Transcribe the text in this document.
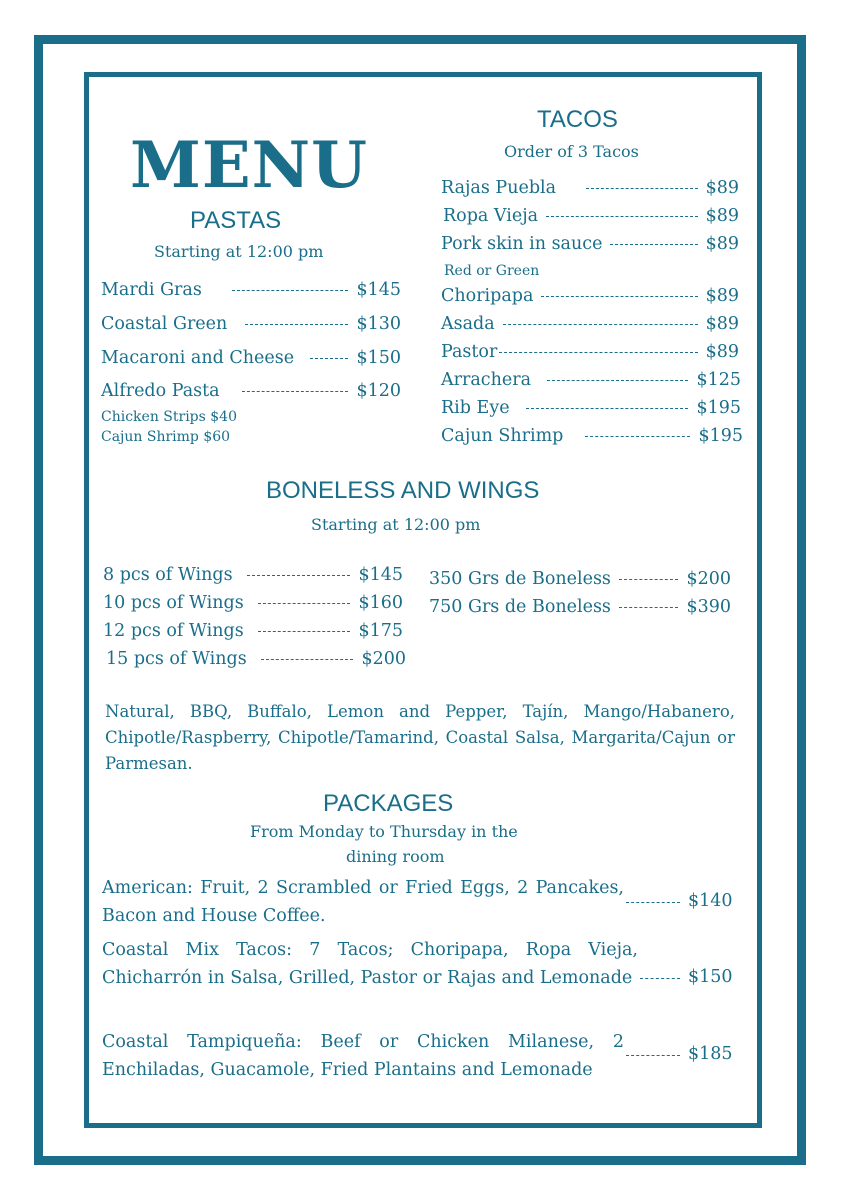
MENU
TACOS
Order of 3 Tacos
Rajas Puebla	$89
Ropa Vieja	$89
Pork skin in sauce	$89
Red or Green
Choripapa	$89
Asada	$89
Pastor	$89
Arrachera	$125
Rib Eye	$195
Cajun Shrimp	$195
PASTAS
Starting at 12:00 pm
Mardi Gras	$145
Coastal Green	$130
Macaroni and Cheese	$150
Alfredo Pasta	$120
Chicken Strips $40
Cajun Shrimp $60
BONELESS AND WINGS
Starting at 12:00 pm
8 pcs of Wings	$145
10 pcs of Wings	$160
12 pcs of Wings	$175
15 pcs of Wings	$200
350 Grs de Boneless	$200
750 Grs de Boneless	$390
Natural, BBQ, Buffalo, Lemon and Pepper, Tajín, Mango/Habanero, Chipotle/Raspberry, Chipotle/Tamarind, Coastal Salsa, Margarita/Cajun or Parmesan.
PACKAGES
From Monday to Thursday in the
dining room
American: Fruit, 2 Scrambled or Fried Eggs, 2 Pancakes, Bacon and House Coffee.
$140
Coastal Mix Tacos: 7 Tacos; Choripapa, Ropa Vieja, Chicharrón in Salsa, Grilled, Pastor or Rajas and Lemonade	$150
Coastal Tampiqueña: Beef or Chicken Milanese, 2 Enchiladas, Guacamole, Fried Plantains and Lemonade
$185
